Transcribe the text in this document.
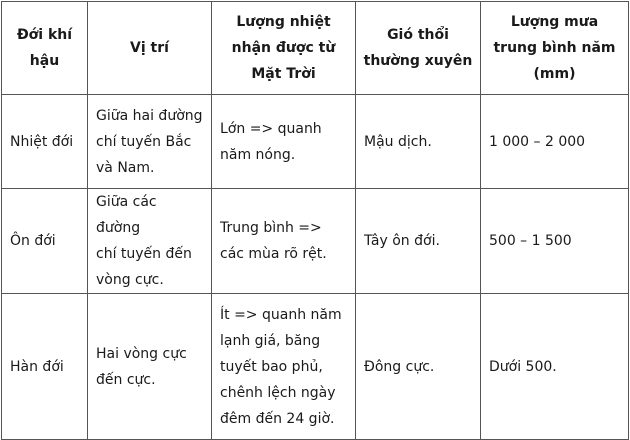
Đới khí
hậu	Vị trí	Lượng nhiệt
nhận được từ
Mặt Trời	Gió thổi
thường xuyên	Lượng mưa
trung bình năm
(mm)

Nhiệt đới	Giữa hai đường
chí tuyến Bắc
và Nam.	Lớn => quanh
năm nóng.	Mậu dịch.	1 000 – 2 000
Ôn đới	Giữa các đường
chí tuyến đến
vòng cực.	Trung bình =>
các mùa rõ rệt.	Tây ôn đới.	500 – 1 500
Hàn đới	Hai vòng cực
đến cực.	Ít => quanh năm
lạnh giá, băng
tuyết bao phủ,
chênh lệch ngày
đêm đến 24 giờ.	Đông cực.	Dưới 500.
